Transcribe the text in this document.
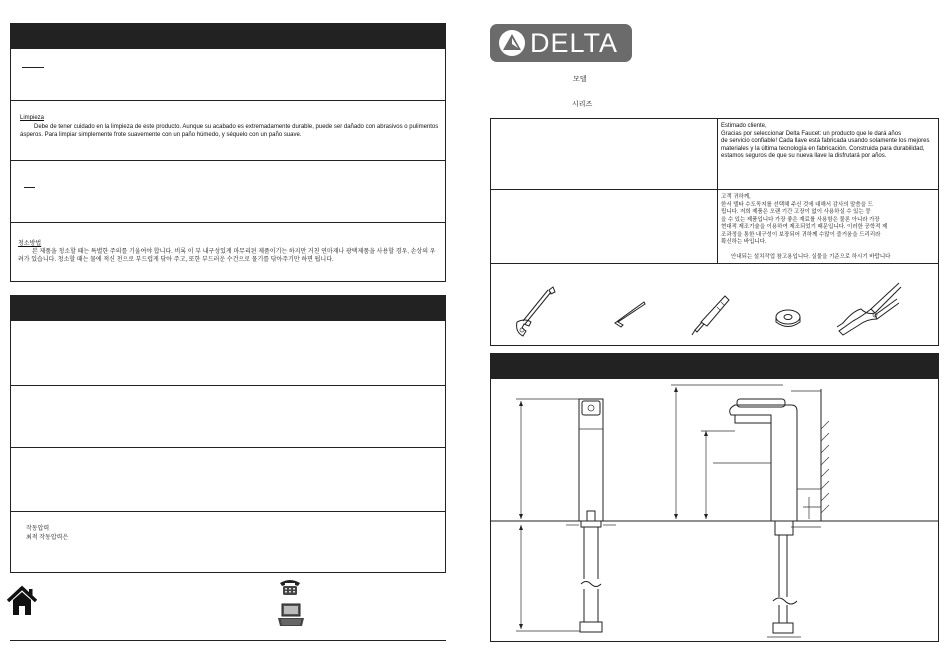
Limpieza
Debe de tener cuidado en la limpieza de este producto. Aunque su acabado es extremadamente durable, puede ser dañado con abrasivos o pulimentos ásperos. Para limpiar simplemente frote suavemente con un paño húmedo, y séquelo con un paño suave.
청소방법
본 제품을 청소할 때는 특별한 주의를 기울여야 합니다. 비록 이 부 내구성있게 마무리된 제품이기는 하지만 거친 연마재나 광택제품을 사용할 경우, 손상의 우려가 있습니다. 청소할 때는 물에 적신 천으로 부드럽게 닦아 주고, 또한 부드러운 수건으로 물기를 닦아주기만 하면 됩니다.
작동압력
최적 작동압력은
DELTA
모델
시리즈
Estimado cliente,
Gracias por seleccionar Delta Faucet: un producto que le dará años
de servicio confiable! Cada llave está fabricada usando solamente los mejores
materiales y la última tecnología en fabricación. Construida para durabilidad,
estamos seguros de que su nueva llave la disfrutará por años.
고객 귀하께,
한서 델타 수도꼭지를 선택해 주신 것에 대해서 감사의 말씀을 드
립니다. 저희 제품은 오랜 기간 고장이 없이 사용하실 수 있는 뭉
을 수 있는 제품입니다 가장 좋은 재료를 사용함은 물론 아니라 가장
현대적 제조기술을 이용하여 제조되었기 때문입니다. 이러한 공학적 제
조과정을 통한 내구성이 보장되어 귀하께 수많이 즐거움을 드리리라
확신하는 바입니다.
안내되는 설치작업 참고용입니다. 실물을 기준으로 하시기 바랍니다
